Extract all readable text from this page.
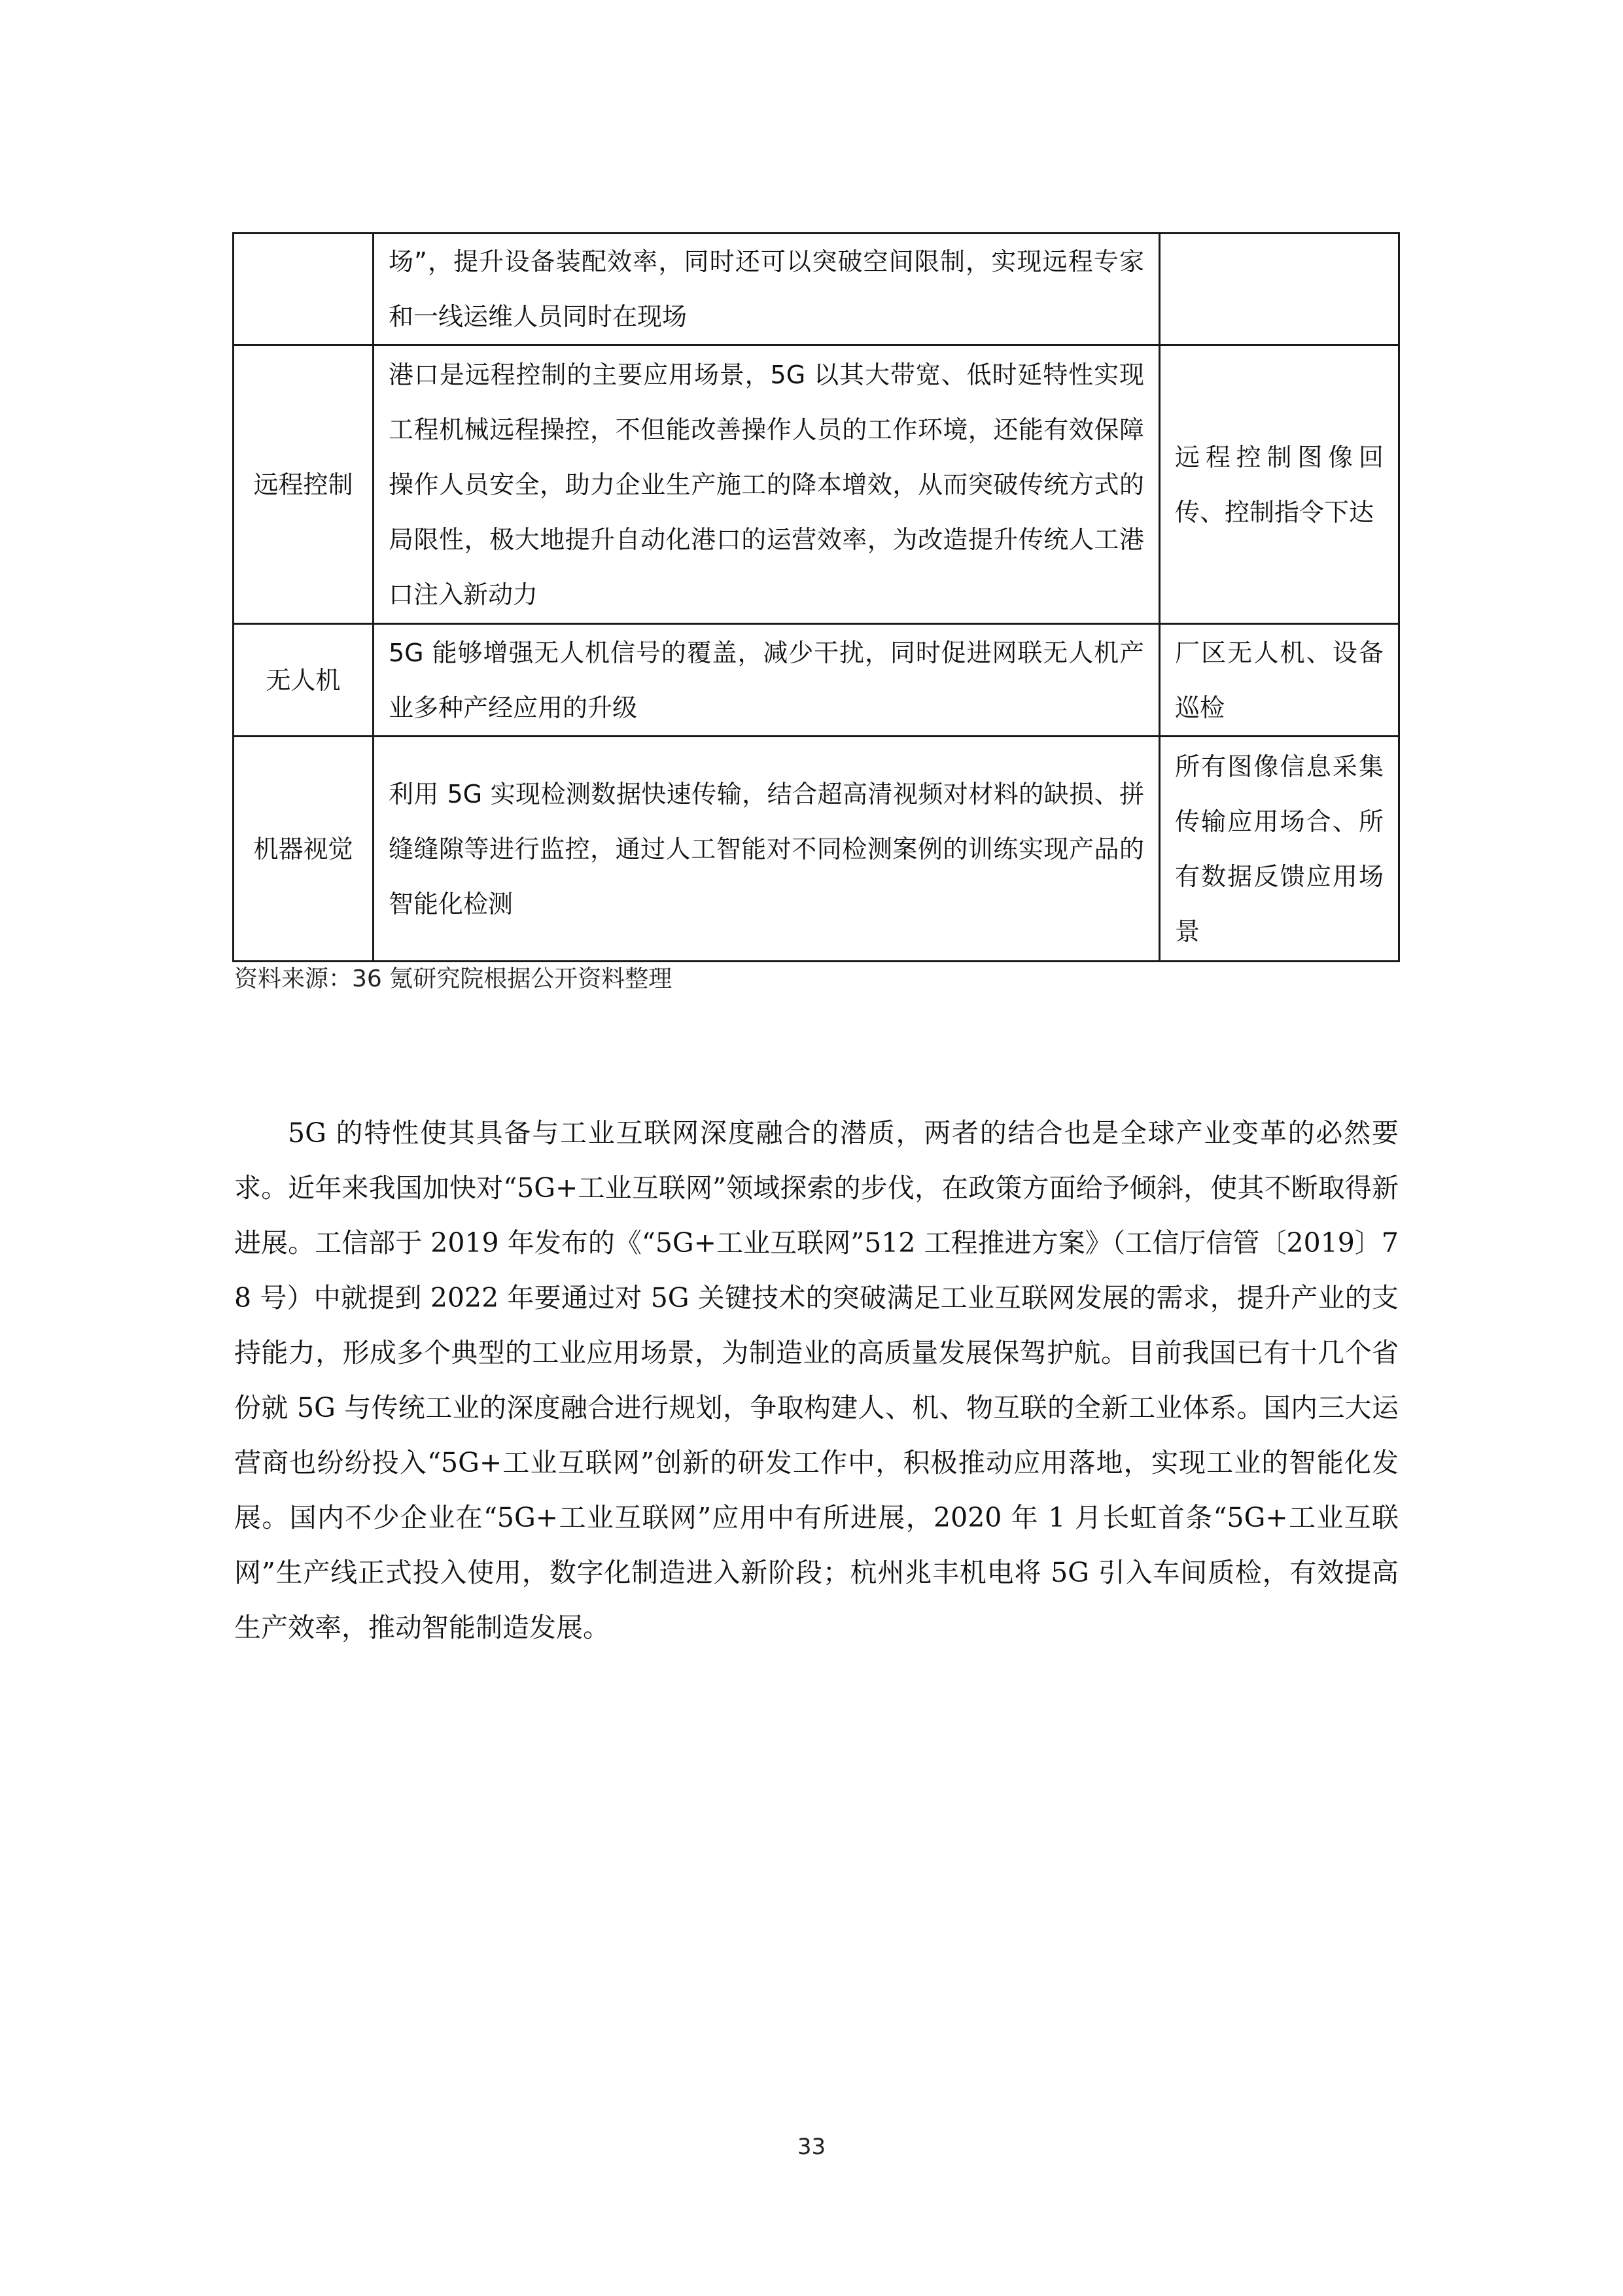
	场”，提升设备装配效率，同时还可以突破空间限制，实现远程专家和一线运维人员同时在现场	
远程控制	港口是远程控制的主要应用场景，5G 以其大带宽、低时延特性实现工程机械远程操控，不但能改善操作人员的工作环境，还能有效保障操作人员安全，助力企业生产施工的降本增效，从而突破传统方式的局限性，极大地提升自动化港口的运营效率，为改造提升传统人工港口注入新动力	远程控制图像回传、控制指令下达
无人机	5G 能够增强无人机信号的覆盖，减少干扰，同时促进网联无人机产业多种产经应用的升级	厂区无人机、设备巡检
机器视觉	利用 5G 实现检测数据快速传输，结合超高清视频对材料的缺损、拼缝缝隙等进行监控，通过人工智能对不同检测案例的训练实现产品的智能化检测	所有图像信息采集传输应用场合、所有数据反馈应用场景
资料来源：36 氪研究院根据公开资料整理

5G 的特性使其具备与工业互联网深度融合的潜质，两者的结合也是全球产业变革的必然要求。近年来我国加快对“5G+工业互联网”领域探索的步伐，在政策方面给予倾斜，使其不断取得新进展。工信部于 2019 年发布的《“5G+工业互联网”512 工程推进方案》（工信厅信管〔2019〕78 号）中就提到 2022 年要通过对 5G 关键技术的突破满足工业互联网发展的需求，提升产业的支持能力，形成多个典型的工业应用场景，为制造业的高质量发展保驾护航。目前我国已有十几个省份就 5G 与传统工业的深度融合进行规划，争取构建人、机、物互联的全新工业体系。国内三大运营商也纷纷投入“5G+工业互联网”创新的研发工作中，积极推动应用落地，实现工业的智能化发展。国内不少企业在“5G+工业互联网”应用中有所进展，2020 年 1 月长虹首条“5G+工业互联网”生产线正式投入使用，数字化制造进入新阶段；杭州兆丰机电将 5G 引入车间质检，有效提高生产效率，推动智能制造发展。

33
